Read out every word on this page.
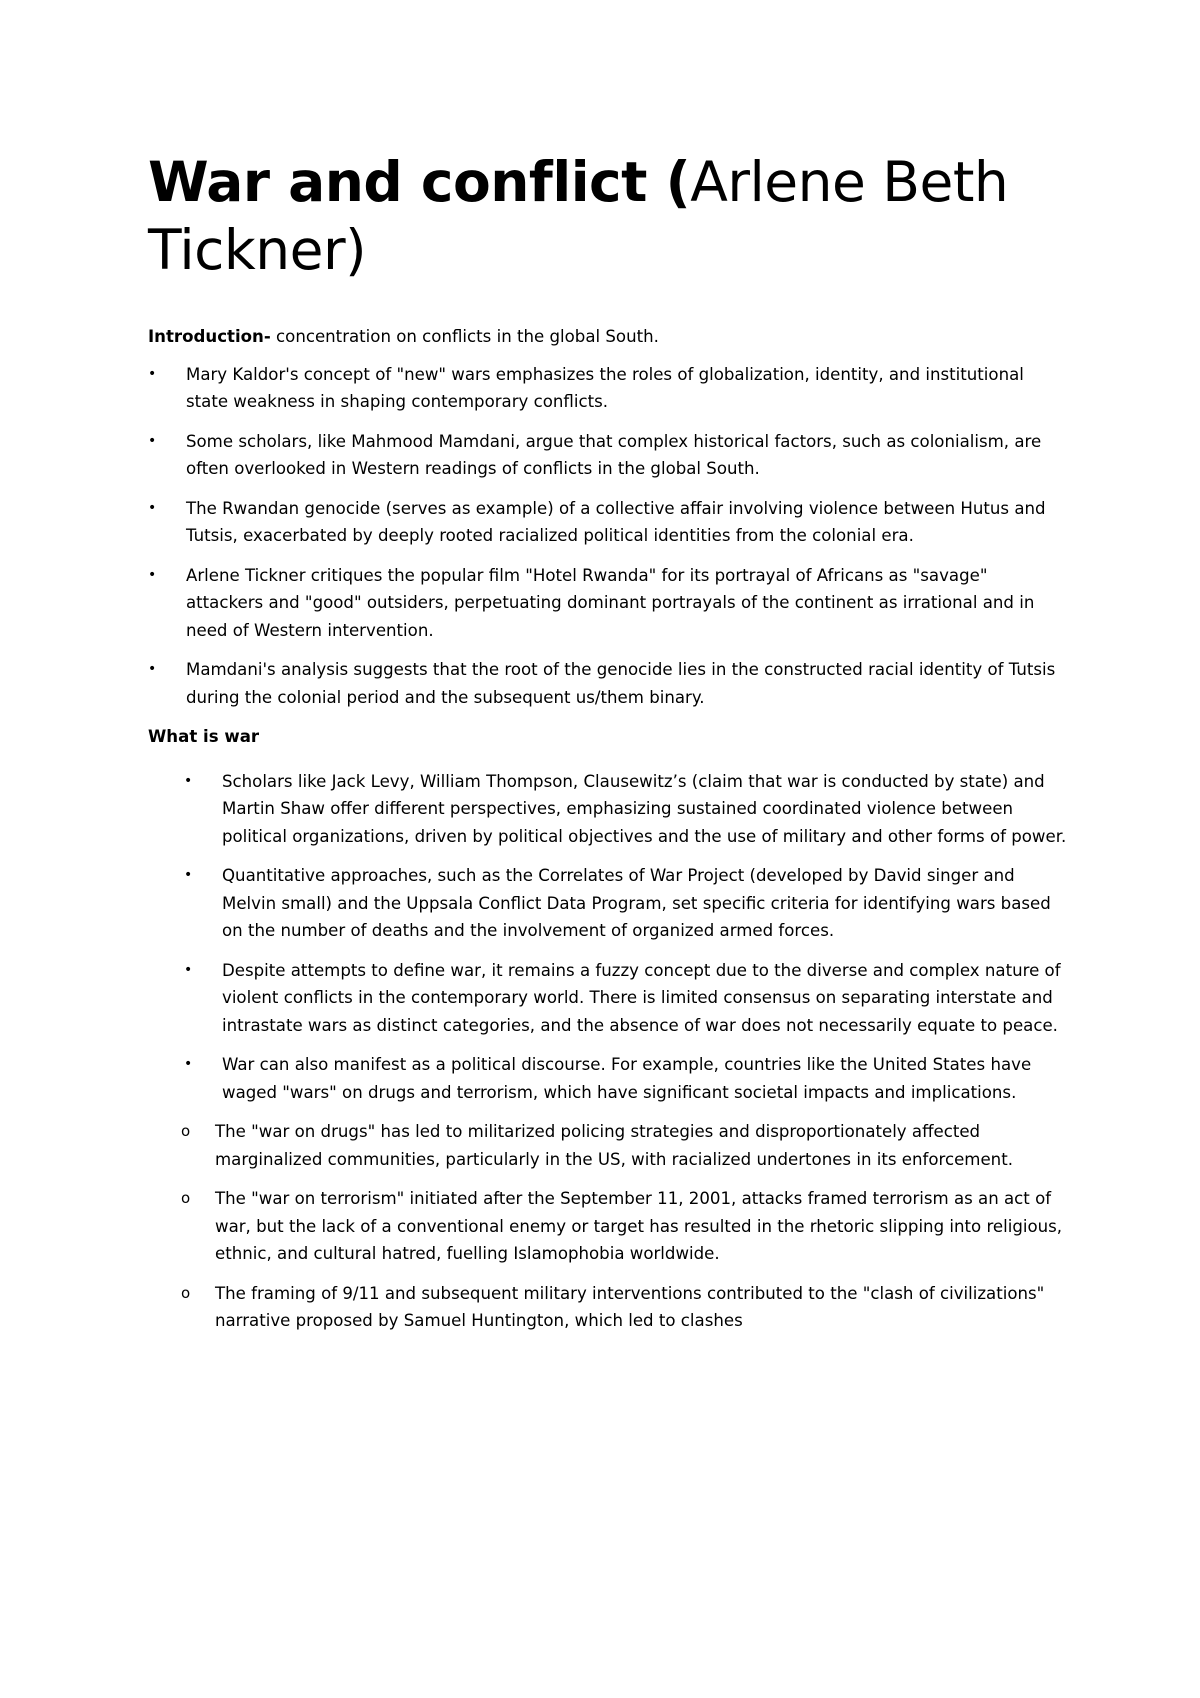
War and conflict (Arlene Beth Tickner)

Introduction- concentration on conflicts in the global South.

•	Mary Kaldor's concept of "new" wars emphasizes the roles of globalization, identity, and institutional state weakness in shaping contemporary conflicts.
•	Some scholars, like Mahmood Mamdani, argue that complex historical factors, such as colonialism, are often overlooked in Western readings of conflicts in the global South.
•	The Rwandan genocide (serves as example) of a collective affair involving violence between Hutus and Tutsis, exacerbated by deeply rooted racialized political identities from the colonial era.
•	Arlene Tickner critiques the popular film "Hotel Rwanda" for its portrayal of Africans as "savage" attackers and "good" outsiders, perpetuating dominant portrayals of the continent as irrational and in need of Western intervention.
•	Mamdani's analysis suggests that the root of the genocide lies in the constructed racial identity of Tutsis during the colonial period and the subsequent us/them binary.

What is war

•	Scholars like Jack Levy, William Thompson, Clausewitz’s (claim that war is conducted by state) and Martin Shaw offer different perspectives, emphasizing sustained coordinated violence between political organizations, driven by political objectives and the use of military and other forms of power.
•	Quantitative approaches, such as the Correlates of War Project (developed by David singer and Melvin small) and the Uppsala Conflict Data Program, set specific criteria for identifying wars based on the number of deaths and the involvement of organized armed forces.
•	Despite attempts to define war, it remains a fuzzy concept due to the diverse and complex nature of violent conflicts in the contemporary world. There is limited consensus on separating interstate and intrastate wars as distinct categories, and the absence of war does not necessarily equate to peace.
•	War can also manifest as a political discourse. For example, countries like the United States have waged "wars" on drugs and terrorism, which have significant societal impacts and implications.
o	The "war on drugs" has led to militarized policing strategies and disproportionately affected marginalized communities, particularly in the US, with racialized undertones in its enforcement.
o	The "war on terrorism" initiated after the September 11, 2001, attacks framed terrorism as an act of war, but the lack of a conventional enemy or target has resulted in the rhetoric slipping into religious, ethnic, and cultural hatred, fuelling Islamophobia worldwide.
o	The framing of 9/11 and subsequent military interventions contributed to the "clash of civilizations" narrative proposed by Samuel Huntington, which led to clashes
